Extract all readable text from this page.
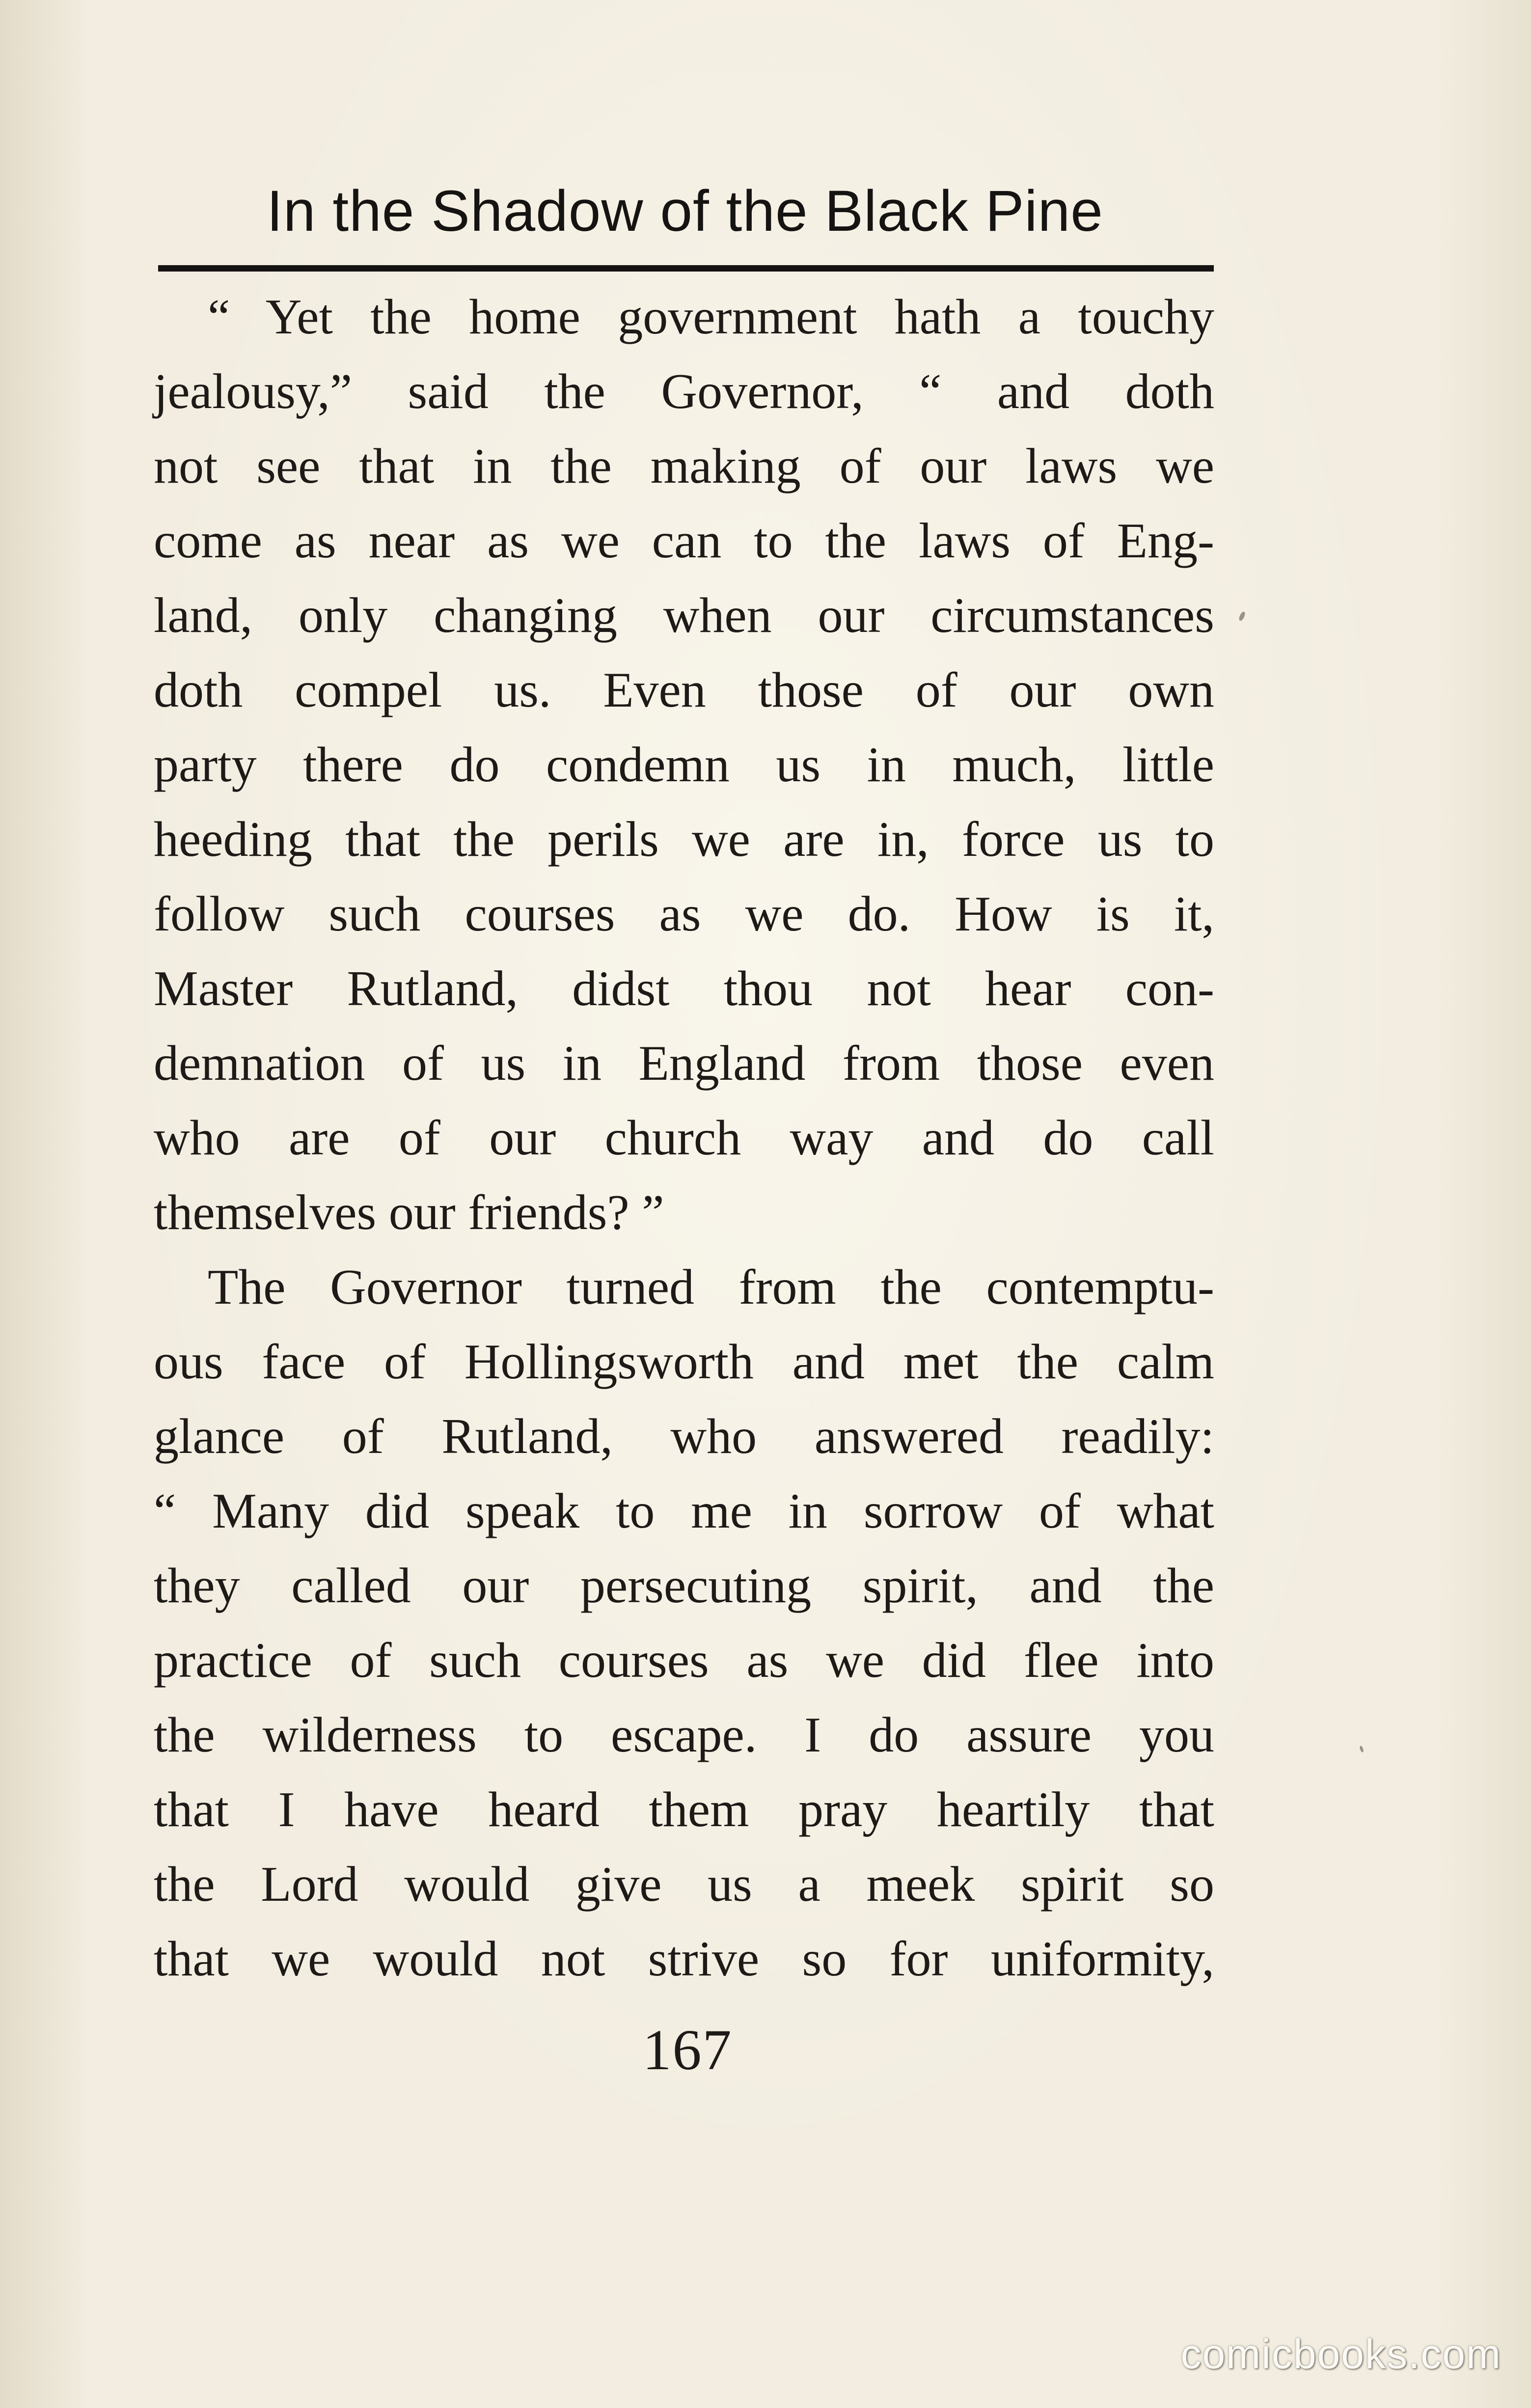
In the Shadow of the Black Pine
“ Yet the home government hath a touchy
jealousy,” said the Governor, “ and doth
not see that in the making of our laws we
come as near as we can to the laws of Eng-
land, only changing when our circumstances
doth compel us. Even those of our own
party there do condemn us in much, little
heeding that the perils we are in, force us to
follow such courses as we do. How is it,
Master Rutland, didst thou not hear con-
demnation of us in England from those even
who are of our church way and do call
themselves our friends? ”
The Governor turned from the contemptu-
ous face of Hollingsworth and met the calm
glance of Rutland, who answered readily:
“ Many did speak to me in sorrow of what
they called our persecuting spirit, and the
practice of such courses as we did flee into
the wilderness to escape. I do assure you
that I have heard them pray heartily that
the Lord would give us a meek spirit so
that we would not strive so for uniformity,
167
comicbooks.com
